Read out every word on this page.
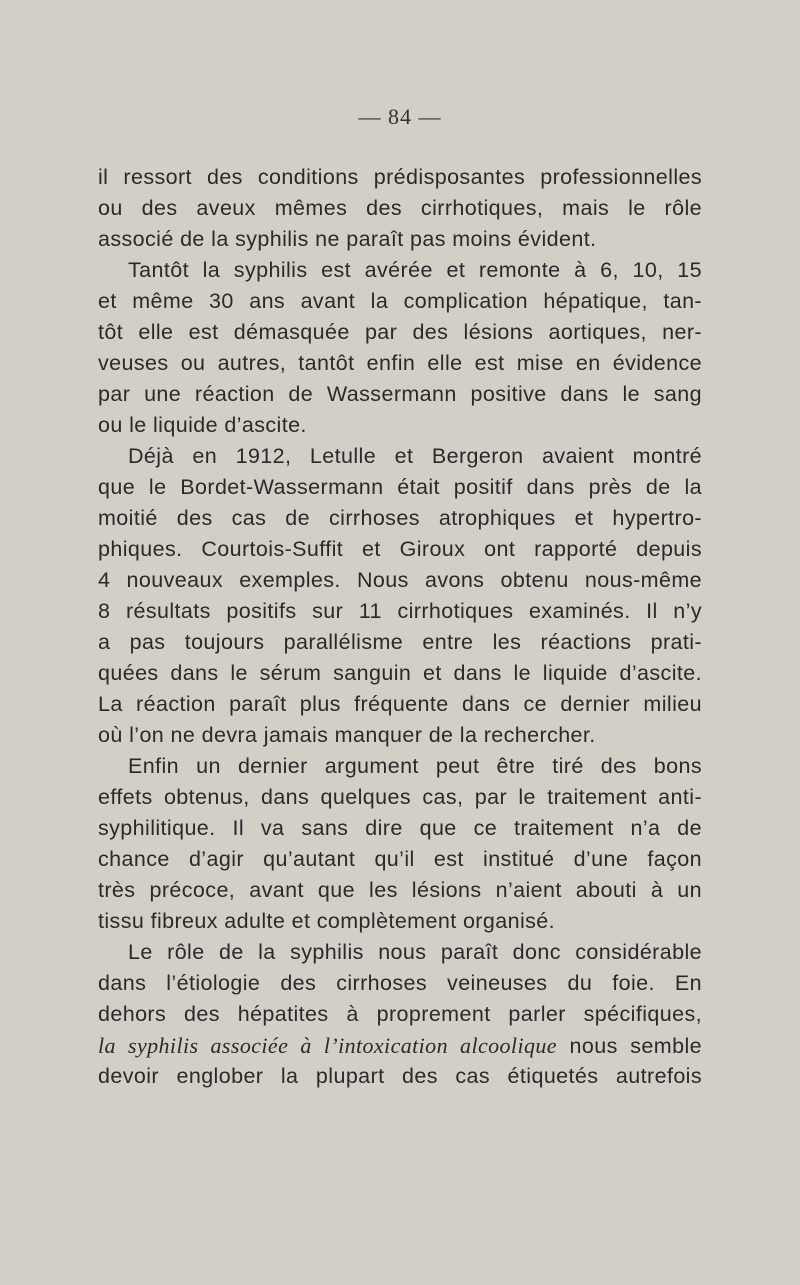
— 84 —
il ressort des conditions prédisposantes professionnelles
ou des aveux mêmes des cirrhotiques, mais le rôle
associé de la syphilis ne paraît pas moins évident.
Tantôt la syphilis est avérée et remonte à 6, 10, 15
et même 30 ans avant la complication hépatique, tan-
tôt elle est démasquée par des lésions aortiques, ner-
veuses ou autres, tantôt enfin elle est mise en évidence
par une réaction de Wassermann positive dans le sang
ou le liquide d’ascite.
Déjà en 1912, Letulle et Bergeron avaient montré
que le Bordet-Wassermann était positif dans près de la
moitié des cas de cirrhoses atrophiques et hypertro-
phiques. Courtois-Suffit et Giroux ont rapporté depuis
4 nouveaux exemples. Nous avons obtenu nous-même
8 résultats positifs sur 11 cirrhotiques examinés. Il n’y
a pas toujours parallélisme entre les réactions prati-
quées dans le sérum sanguin et dans le liquide d’ascite.
La réaction paraît plus fréquente dans ce dernier milieu
où l’on ne devra jamais manquer de la rechercher.
Enfin un dernier argument peut être tiré des bons
effets obtenus, dans quelques cas, par le traitement anti-
syphilitique. Il va sans dire que ce traitement n’a de
chance d’agir qu’autant qu’il est institué d’une façon
très précoce, avant que les lésions n’aient abouti à un
tissu fibreux adulte et complètement organisé.
Le rôle de la syphilis nous paraît donc considérable
dans l’étiologie des cirrhoses veineuses du foie. En
dehors des hépatites à proprement parler spécifiques,
la syphilis associée à l’intoxication alcoolique nous semble
devoir englober la plupart des cas étiquetés autrefois
